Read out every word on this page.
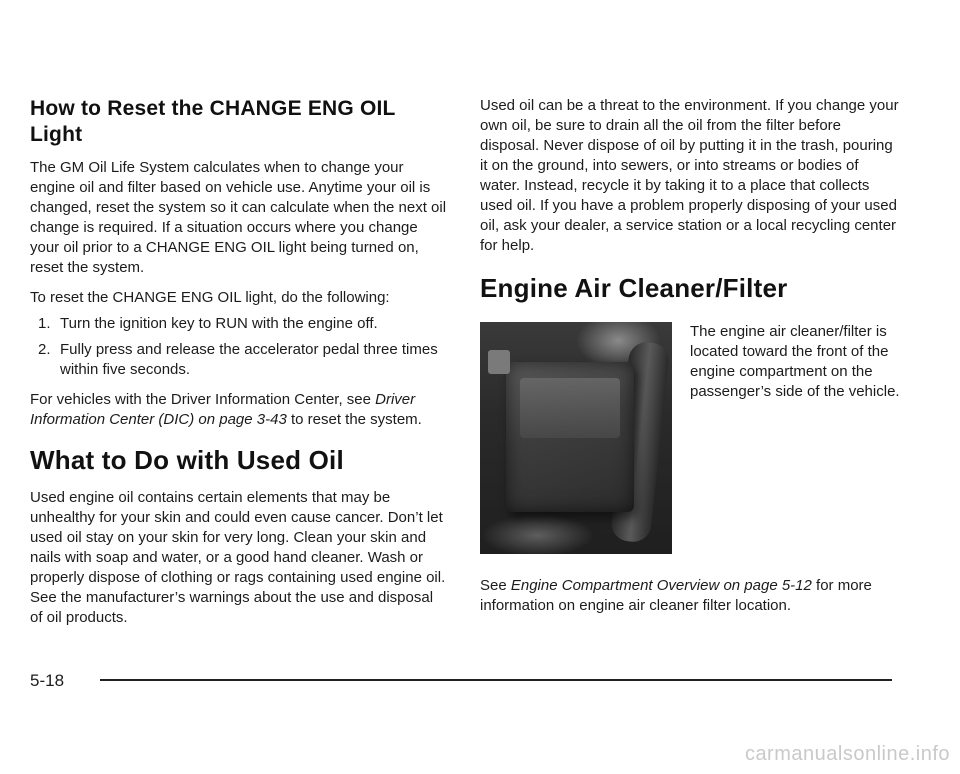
How to Reset the CHANGE ENG OIL Light

The GM Oil Life System calculates when to change your engine oil and filter based on vehicle use. Anytime your oil is changed, reset the system so it can calculate when the next oil change is required. If a situation occurs where you change your oil prior to a CHANGE ENG OIL light being turned on, reset the system.

To reset the CHANGE ENG OIL light, do the following:

1. Turn the ignition key to RUN with the engine off.
2. Fully press and release the accelerator pedal three times within five seconds.

For vehicles with the Driver Information Center, see Driver Information Center (DIC) on page 3-43 to reset the system.

What to Do with Used Oil

Used engine oil contains certain elements that may be unhealthy for your skin and could even cause cancer. Don’t let used oil stay on your skin for very long. Clean your skin and nails with soap and water, or a good hand cleaner. Wash or properly dispose of clothing or rags containing used engine oil. See the manufacturer’s warnings about the use and disposal of oil products.

Used oil can be a threat to the environment. If you change your own oil, be sure to drain all the oil from the filter before disposal. Never dispose of oil by putting it in the trash, pouring it on the ground, into sewers, or into streams or bodies of water. Instead, recycle it by taking it to a place that collects used oil. If you have a problem properly disposing of your used oil, ask your dealer, a service station or a local recycling center for help.

Engine Air Cleaner/Filter
The engine air cleaner/filter is located toward the front of the engine compartment on the passenger’s side of the vehicle.

See Engine Compartment Overview on page 5-12 for more information on engine air cleaner filter location.

5-18
carmanualsonline.info
